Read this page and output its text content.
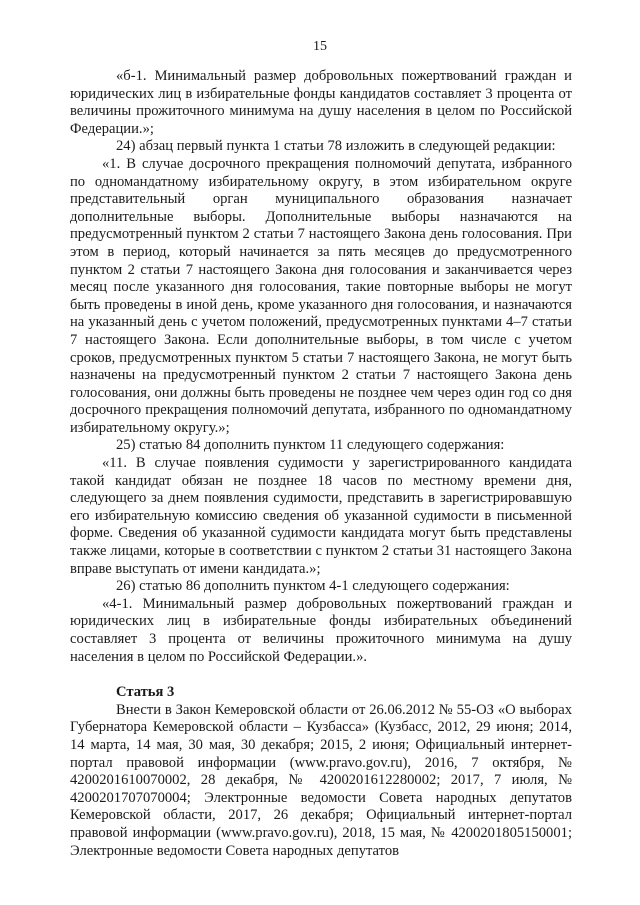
15

«б-1. Минимальный размер добровольных пожертвований граждан и юридических лиц в избирательные фонды кандидатов составляет 3 процента от величины прожиточного минимума на душу населения в целом по Российской Федерации.»;

24) абзац первый пункта 1 статьи 78 изложить в следующей редакции:

«1. В случае досрочного прекращения полномочий депутата, избранного по одномандатному избирательному округу, в этом избирательном округе представительный орган муниципального образования назначает дополнительные выборы. Дополнительные выборы назначаются на предусмотренный пунктом 2 статьи 7 настоящего Закона день голосования. При этом в период, который начинается за пять месяцев до предусмотренного пунктом 2 статьи 7 настоящего Закона дня голосования и заканчивается через месяц после указанного дня голосования, такие повторные выборы не могут быть проведены в иной день, кроме указанного дня голосования, и назначаются на указанный день с учетом положений, предусмотренных пунктами 4–7 статьи 7 настоящего Закона. Если дополнительные выборы, в том числе с учетом сроков, предусмотренных пунктом 5 статьи 7 настоящего Закона, не могут быть назначены на предусмотренный пунктом 2 статьи 7 настоящего Закона день голосования, они должны быть проведены не позднее чем через один год со дня досрочного прекращения полномочий депутата, избранного по одномандатному избирательному округу.»;

25) статью 84 дополнить пунктом 11 следующего содержания:

«11. В случае появления судимости у зарегистрированного кандидата такой кандидат обязан не позднее 18 часов по местному времени дня, следующего за днем появления судимости, представить в зарегистрировавшую его избирательную комиссию сведения об указанной судимости в письменной форме. Сведения об указанной судимости кандидата могут быть представлены также лицами, которые в соответствии с пунктом 2 статьи 31 настоящего Закона вправе выступать от имени кандидата.»;

26) статью 86 дополнить пунктом 4-1 следующего содержания:

«4-1. Минимальный размер добровольных пожертвований граждан и юридических лиц в избирательные фонды избирательных объединений составляет 3 процента от величины прожиточного минимума на душу населения в целом по Российской Федерации.».

Статья 3

Внести в Закон Кемеровской области от 26.06.2012 № 55-ОЗ «О выборах Губернатора Кемеровской области – Кузбасса» (Кузбасс, 2012, 29 июня; 2014, 14 марта, 14 мая, 30 мая, 30 декабря; 2015, 2 июня; Официальный интернет-портал правовой информации (www.pravo.gov.ru), 2016, 7 октября, № 4200201610070002, 28 декабря, № 4200201612280002; 2017, 7 июля, № 4200201707070004; Электронные ведомости Совета народных депутатов Кемеровской области, 2017, 26 декабря; Официальный интернет-портал правовой информации (www.pravo.gov.ru), 2018, 15 мая, № 4200201805150001; Электронные ведомости Совета народных депутатов
